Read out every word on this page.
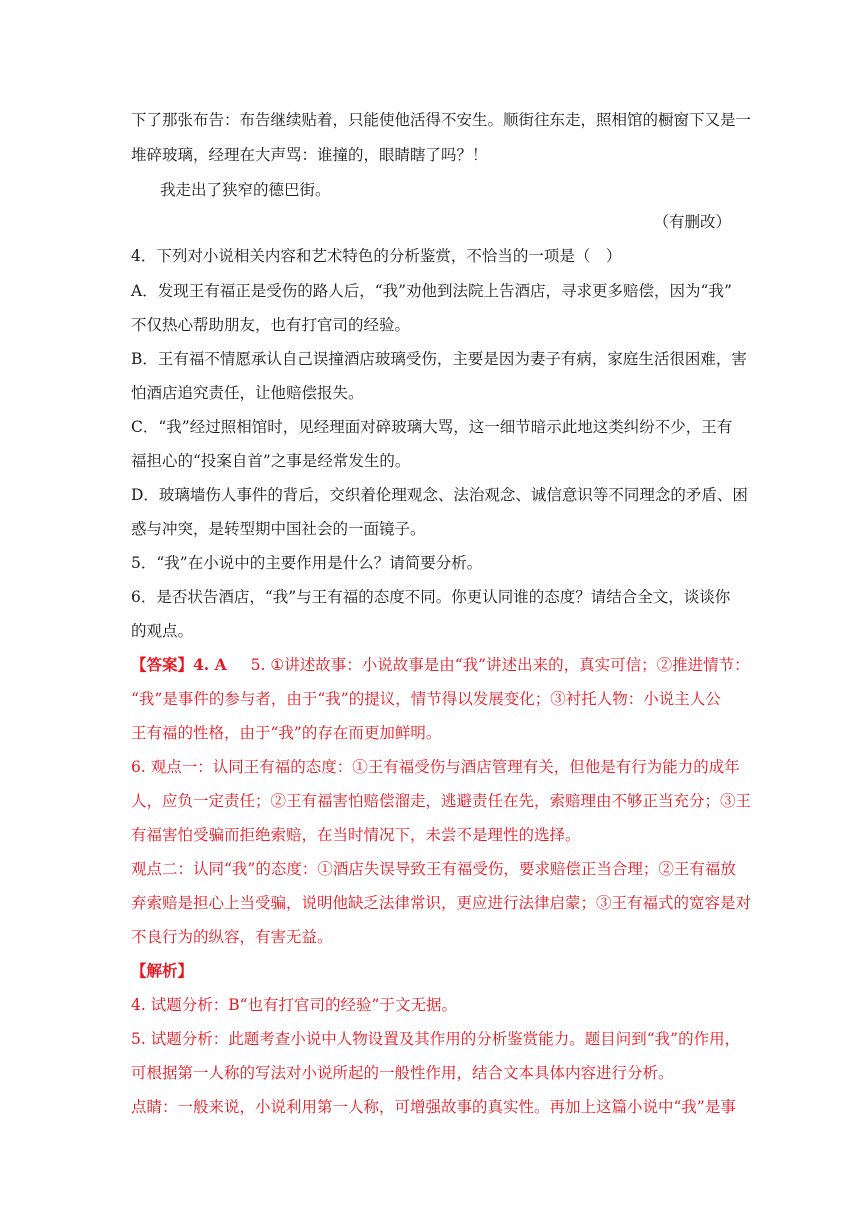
下了那张布告：布告继续贴着，只能使他活得不安生。顺街往东走，照相馆的橱窗下又是一
堆碎玻璃，经理在大声骂：谁撞的，眼睛瞎了吗？！
我走出了狭窄的德巴街。
（有删改）
4．下列对小说相关内容和艺术特色的分析鉴赏，不恰当的一项是（　）
A．发现王有福正是受伤的路人后，“我”劝他到法院上告酒店，寻求更多赔偿，因为“我”
不仅热心帮助朋友，也有打官司的经验。
B．王有福不情愿承认自己误撞酒店玻璃受伤，主要是因为妻子有病，家庭生活很困难，害
怕酒店追究责任，让他赔偿报失。
C．“我”经过照相馆时，见经理面对碎玻璃大骂，这一细节暗示此地这类纠纷不少，王有
福担心的“投案自首”之事是经常发生的。
D．玻璃墙伤人事件的背后，交织着伦理观念、法治观念、诚信意识等不同理念的矛盾、困
惑与冲突，是转型期中国社会的一面镜子。
5．“我”在小说中的主要作用是什么？请简要分析。
6．是否状告酒店，“我”与王有福的态度不同。你更认同谁的态度？请结合全文，谈谈你
的观点。
【答案】4. A 5. ①讲述故事：小说故事是由“我”讲述出来的，真实可信；②推进情节：
“我”是事件的参与者，由于“我”的提议，情节得以发展变化；③衬托人物：小说主人公
王有福的性格，由于“我”的存在而更加鲜明。
6. 观点一：认同王有福的态度：①王有福受伤与酒店管理有关，但他是有行为能力的成年
人，应负一定责任；②王有福害怕赔偿溜走，逃避责任在先，索赔理由不够正当充分；③王
有福害怕受骗而拒绝索赔，在当时情况下，未尝不是理性的选择。
观点二：认同“我”的态度：①酒店失误导致王有福受伤，要求赔偿正当合理；②王有福放
弃索赔是担心上当受骗，说明他缺乏法律常识，更应进行法律启蒙；③王有福式的宽容是对
不良行为的纵容，有害无益。
【解析】
4. 试题分析：B“也有打官司的经验”于文无据。
5. 试题分析：此题考查小说中人物设置及其作用的分析鉴赏能力。题目问到“我”的作用，
可根据第一人称的写法对小说所起的一般性作用，结合文本具体内容进行分析。
点睛：一般来说，小说利用第一人称，可增强故事的真实性。再加上这篇小说中“我”是事
